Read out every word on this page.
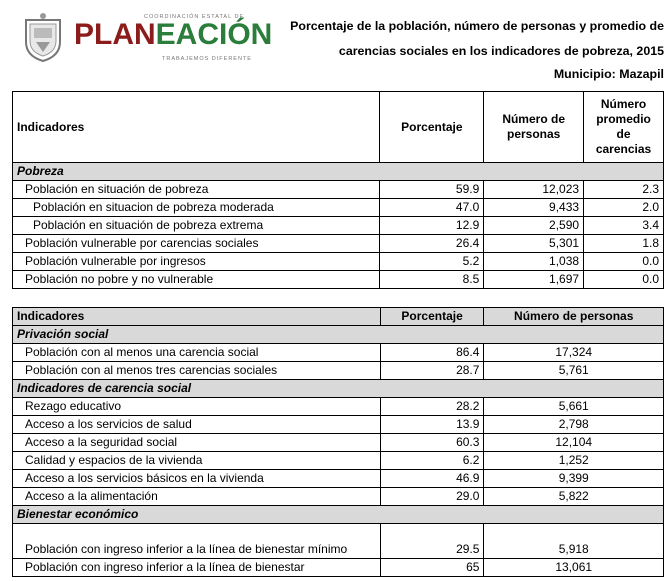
COORDINACIÓN ESTATAL DE
PLANEACIÓN
TRABAJEMOS DIFERENTE
Porcentaje de la población, número de personas y promedio de
carencias sociales en los indicadores de pobreza, 2015
Municipio: Mazapil
Indicadores	Porcentaje	Número de personas	Número promedio de carencias
Pobreza			
Población en situación de pobreza	59.9	12,023	2.3
Población en situacion de pobreza moderada	47.0	9,433	2.0
Población en situación de pobreza extrema	12.9	2,590	3.4
Población vulnerable por carencias sociales	26.4	5,301	1.8
Población vulnerable por ingresos	5.2	1,038	0.0
Población no pobre y no vulnerable	8.5	1,697	0.0
Indicadores	Porcentaje	Número de personas
Privación social		
Población con al menos una carencia social	86.4	17,324
Población con al menos tres carencias sociales	28.7	5,761
Indicadores de carencia social		
Rezago educativo	28.2	5,661
Acceso a los servicios de salud	13.9	2,798
Acceso a la seguridad social	60.3	12,104
Calidad y espacios de la vivienda	6.2	1,252
Acceso a los servicios básicos en la vivienda	46.9	9,399
Acceso a la alimentación	29.0	5,822
Bienestar económico		
Población con ingreso inferior a la línea de bienestar mínimo	29.5	5,918
Población con ingreso inferior a la línea de bienestar	65	13,061
